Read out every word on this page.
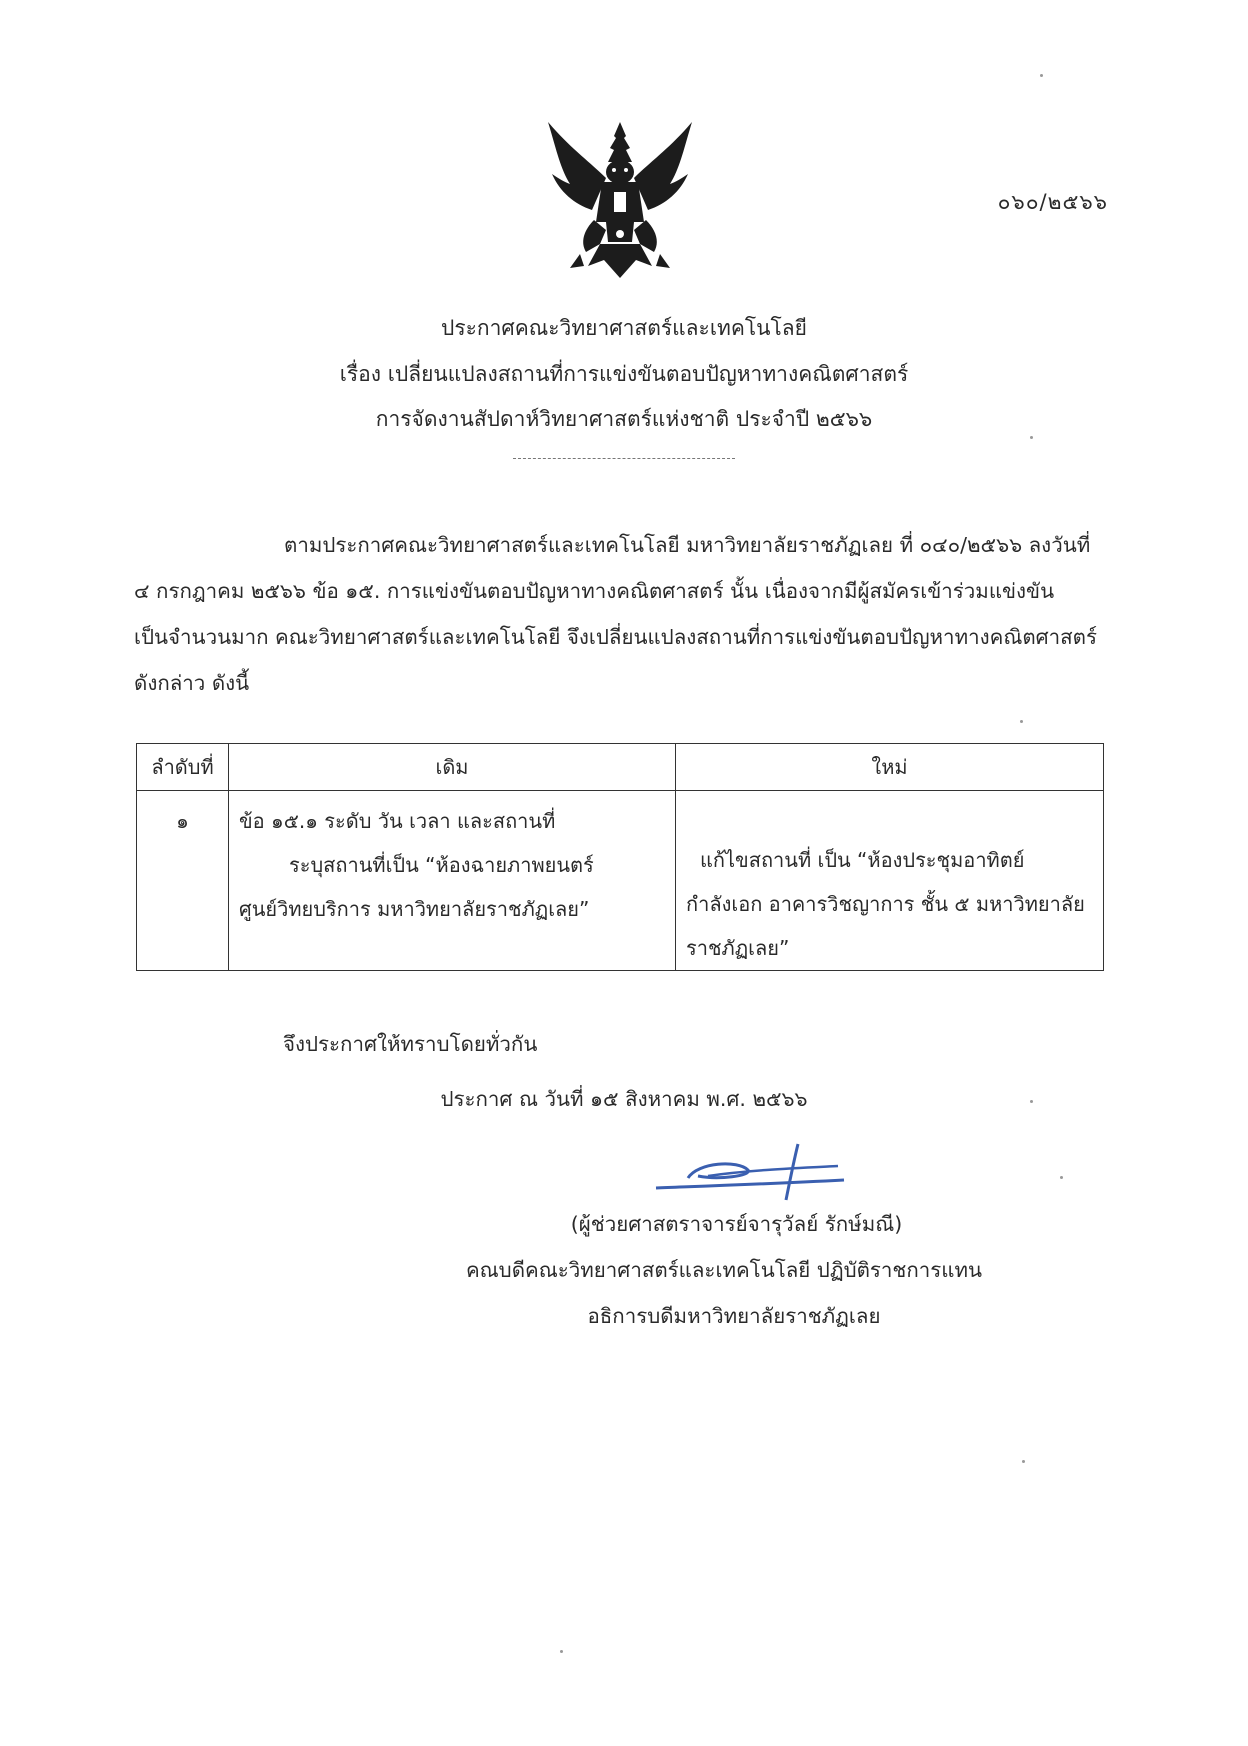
๐๖๐/๒๕๖๖
ประกาศคณะวิทยาศาสตร์และเทคโนโลยี
เรื่อง เปลี่ยนแปลงสถานที่การแข่งขันตอบปัญหาทางคณิตศาสตร์
การจัดงานสัปดาห์วิทยาศาสตร์แห่งชาติ ประจำปี ๒๕๖๖
ตามประกาศคณะวิทยาศาสตร์และเทคโนโลยี มหาวิทยาลัยราชภัฏเลย ที่ ๐๔๐/๒๕๖๖ ลงวันที่
๔ กรกฎาคม ๒๕๖๖ ข้อ ๑๕. การแข่งขันตอบปัญหาทางคณิตศาสตร์ นั้น เนื่องจากมีผู้สมัครเข้าร่วมแข่งขัน
เป็นจำนวนมาก คณะวิทยาศาสตร์และเทคโนโลยี จึงเปลี่ยนแปลงสถานที่การแข่งขันตอบปัญหาทางคณิตศาสตร์
ดังกล่าว ดังนี้
ลำดับที่	เดิม	ใหม่
๑	ข้อ ๑๕.๑ ระดับ วัน เวลา และสถานที่
ระบุสถานที่เป็น “ห้องฉายภาพยนตร์
ศูนย์วิทยบริการ มหาวิทยาลัยราชภัฏเลย”	แก้ไขสถานที่ เป็น “ห้องประชุมอาทิตย์
กำลังเอก อาคารวิชญาการ ชั้น ๕ มหาวิทยาลัย
ราชภัฏเลย”
จึงประกาศให้ทราบโดยทั่วกัน
ประกาศ ณ วันที่ ๑๕ สิงหาคม พ.ศ. ๒๕๖๖
(ผู้ช่วยศาสตราจารย์จารุวัลย์ รักษ์มณี)
คณบดีคณะวิทยาศาสตร์และเทคโนโลยี ปฏิบัติราชการแทน
อธิการบดีมหาวิทยาลัยราชภัฏเลย
